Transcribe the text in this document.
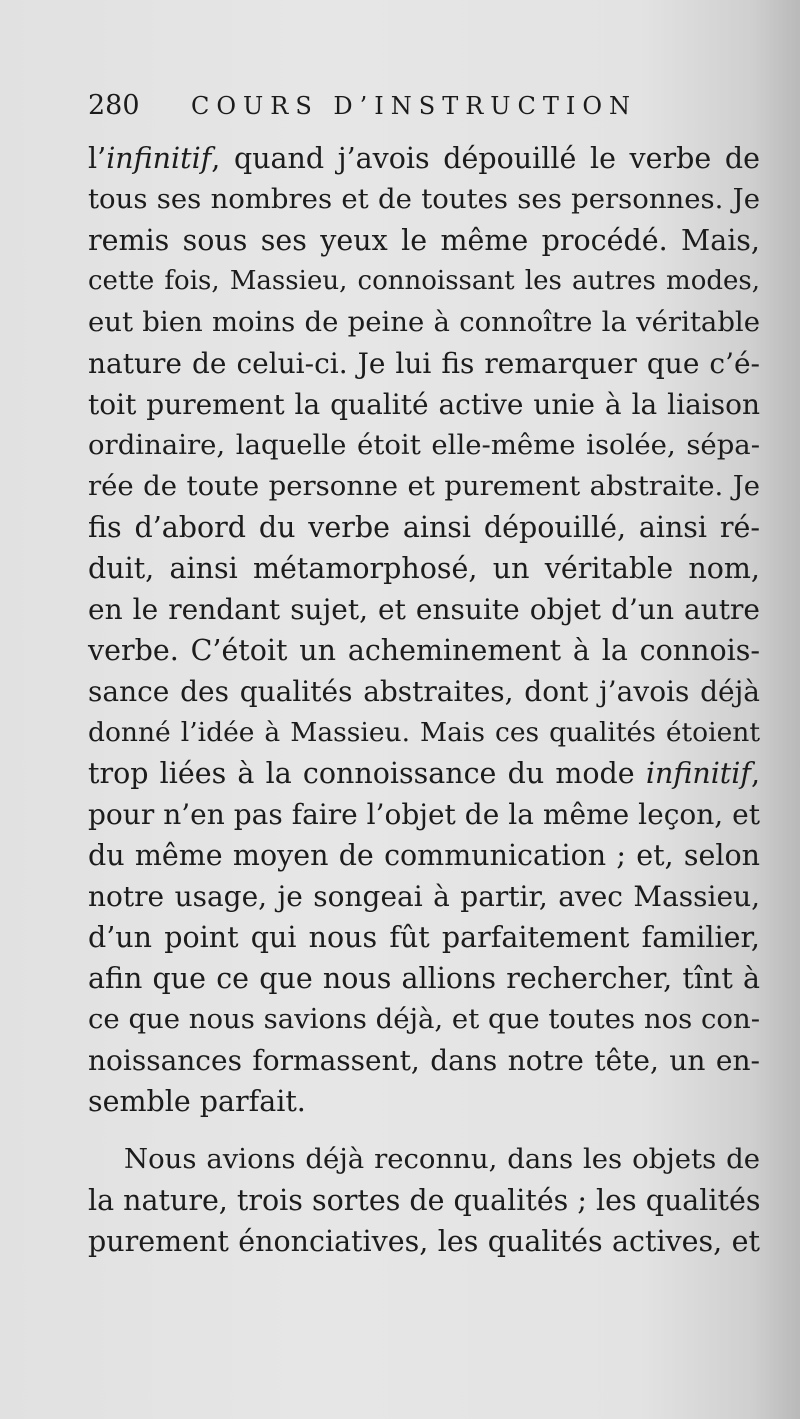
280 COURS D’INSTRUCTION
l’infinitif, quand j’avois dépouillé le verbe de
tous ses nombres et de toutes ses personnes. Je
remis sous ses yeux le même procédé. Mais,
cette fois, Massieu, connoissant les autres modes,
eut bien moins de peine à connoître la véritable
nature de celui-ci. Je lui fis remarquer que c’é-
toit purement la qualité active unie à la liaison
ordinaire, laquelle étoit elle-même isolée, sépa-
rée de toute personne et purement abstraite. Je
fis d’abord du verbe ainsi dépouillé, ainsi ré-
duit, ainsi métamorphosé, un véritable nom,
en le rendant sujet, et ensuite objet d’un autre
verbe. C’étoit un acheminement à la connois-
sance des qualités abstraites, dont j’avois déjà
donné l’idée à Massieu. Mais ces qualités étoient
trop liées à la connoissance du mode infinitif,
pour n’en pas faire l’objet de la même leçon, et
du même moyen de communication ; et, selon
notre usage, je songeai à partir, avec Massieu,
d’un point qui nous fût parfaitement familier,
afin que ce que nous allions rechercher, tînt à
ce que nous savions déjà, et que toutes nos con-
noissances formassent, dans notre tête, un en-
semble parfait.
Nous avions déjà reconnu, dans les objets de
la nature, trois sortes de qualités ; les qualités
purement énonciatives, les qualités actives, et
